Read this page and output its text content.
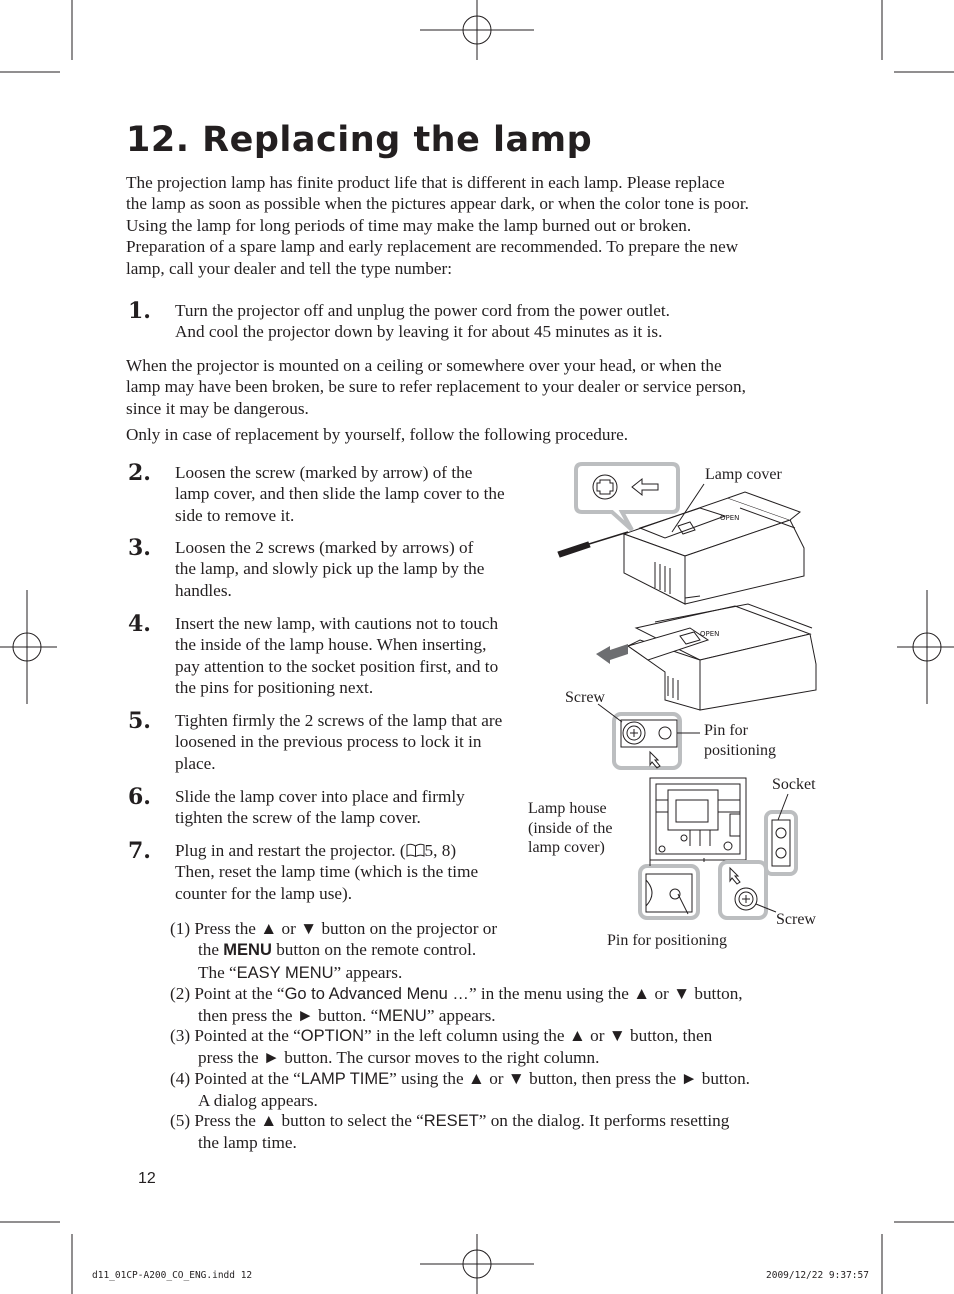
12. Replacing the lamp
The projection lamp has finite product life that is different in each lamp. Please replace
the lamp as soon as possible when the pictures appear dark, or when the color tone is poor.
Using the lamp for long periods of time may make the lamp burned out or broken.
Preparation of a spare lamp and early replacement are recommended. To prepare the new
lamp, call your dealer and tell the type number:
1. Turn the projector off and unplug the power cord from the power outlet.
And cool the projector down by leaving it for about 45 minutes as it is.
When the projector is mounted on a ceiling or somewhere over your head, or when the
lamp may have been broken, be sure to refer replacement to your dealer or service person,
since it may be dangerous.
Only in case of replacement by yourself, follow the following procedure.
2. Loosen the screw (marked by arrow) of the
lamp cover, and then slide the lamp cover to the
side to remove it.
3. Loosen the 2 screws (marked by arrows) of
the lamp, and slowly pick up the lamp by the
handles.
4. Insert the new lamp, with cautions not to touch
the inside of the lamp house. When inserting,
pay attention to the socket position first, and to
the pins for positioning next.
5. Tighten firmly the 2 screws of the lamp that are
loosened in the previous process to lock it in
place.
6. Slide the lamp cover into place and firmly
tighten the screw of the lamp cover.
7. Plug in and restart the projector. ( 5, 8)
Then, reset the lamp time (which is the time
counter for the lamp use).
(1) Press the ▲ or ▼ button on the projector or
the MENU button on the remote control.
The “EASY MENU” appears.
(2) Point at the “Go to Advanced Menu …” in the menu using the ▲ or ▼ button,
then press the ► button. “MENU” appears.
(3) Pointed at the “OPTION” in the left column using the ▲ or ▼ button, then
press the ► button. The cursor moves to the right column.
(4) Pointed at the “LAMP TIME” using the ▲ or ▼ button, then press the ► button.
A dialog appears.
(5) Press the ▲ button to select the “RESET” on the dialog. It performs resetting
the lamp time.
OPEN
OPEN
Lamp cover
Screw
Pin for
positioning
Socket
Lamp house
(inside of the
lamp cover)
Screw
Pin for positioning
12
d11_01CP-A200_CO_ENG.indd 12	2009/12/22 9:37:57
